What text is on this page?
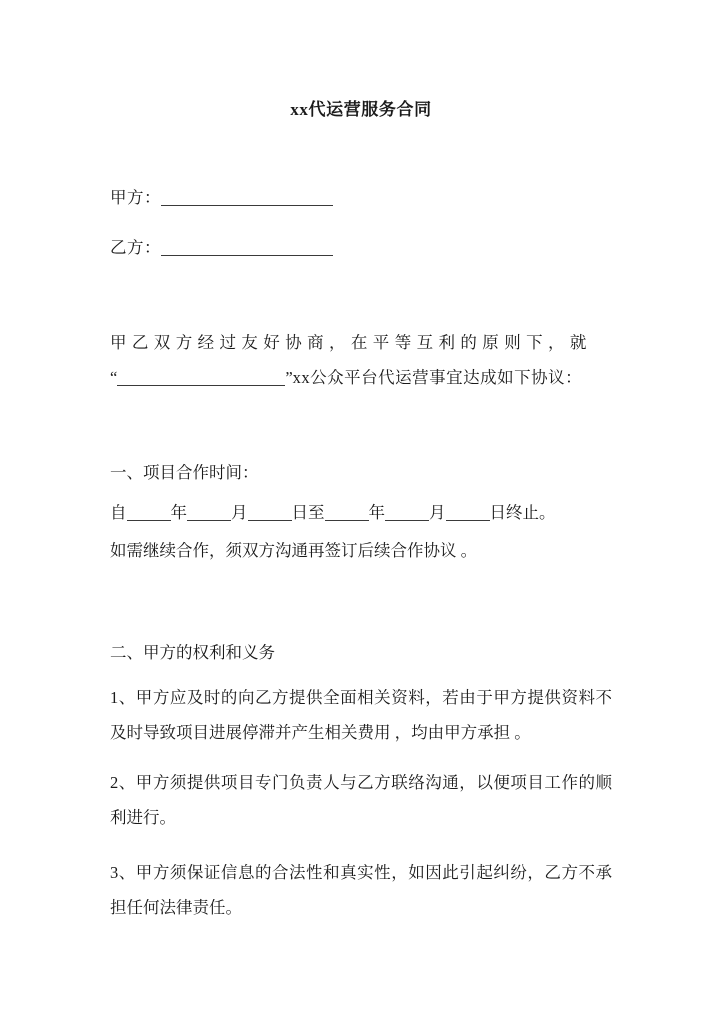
xx代运营服务合同
甲方：
乙方：
甲乙双方经过友好协商，在平等互利的原则下，就
“	”xx公众平台代运营事宜达成如下协议：
一、项目合作时间：
自	年	月	日至	年	月	日终止。
如需继续合作，须双方沟通再签订后续合作协议 。
二、甲方的权利和义务
1、甲方应及时的向乙方提供全面相关资料，若由于甲方提供资料不及时导致项目进展停滞并产生相关费用 ，均由甲方承担 。
2、甲方须提供项目专门负责人与乙方联络沟通，以便项目工作的顺利进行。
3、甲方须保证信息的合法性和真实性，如因此引起纠纷，乙方不承担任何法律责任。
